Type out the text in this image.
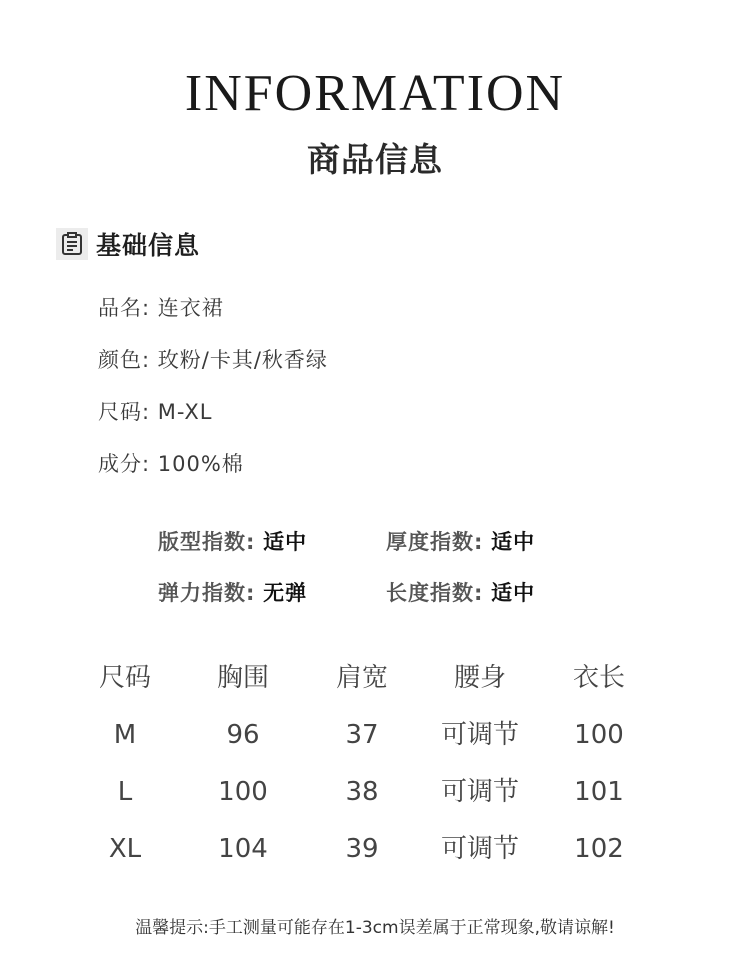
INFORMATION
商品信息
基础信息
品名: 连衣裙
颜色: 玫粉/卡其/秋香绿
尺码: M-XL
成分: 100%棉
版型指数: 适中	厚度指数: 适中
弹力指数: 无弹	长度指数: 适中
尺码	胸围	肩宽	腰身	衣长
M	96	37	可调节	100
L	100	38	可调节	101
XL	104	39	可调节	102
温馨提示:手工测量可能存在1-3cm误差属于正常现象,敬请谅解!
